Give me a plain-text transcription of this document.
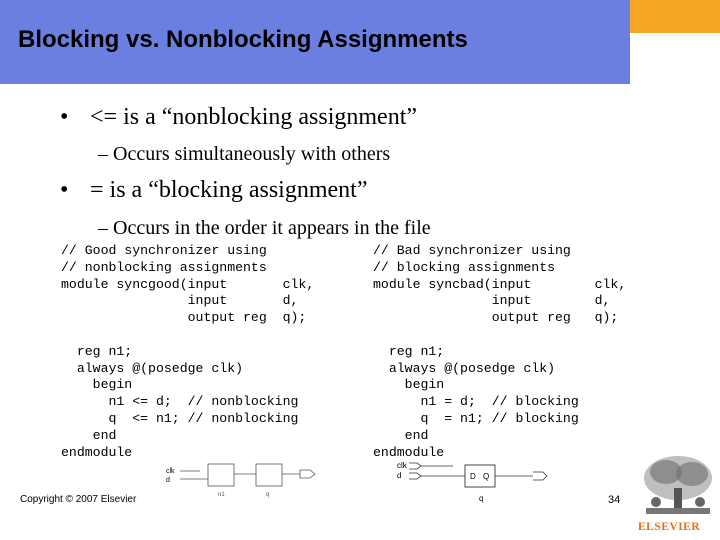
Blocking vs. Nonblocking Assignments
• <= is a “nonblocking assignment”
– Occurs simultaneously with others
• = is a “blocking assignment”
– Occurs in the order it appears in the file
// Good synchronizer using
// nonblocking assignments
module syncgood(input       clk,
input       d,
output reg  q);

reg n1;
always @(posedge clk)
begin
n1 <= d;  // nonblocking
q  <= n1; // nonblocking
end
endmodule
// Bad synchronizer using
// blocking assignments
module syncbad(input        clk,
input        d,
output reg   q);

reg n1;
always @(posedge clk)
begin
n1 = d;  // blocking
q  = n1; // blocking
end
endmodule
clk
d
n1	q
clk
d	D Q
q
Copyright © 2007 Elsevier	34
ELSEVIER
